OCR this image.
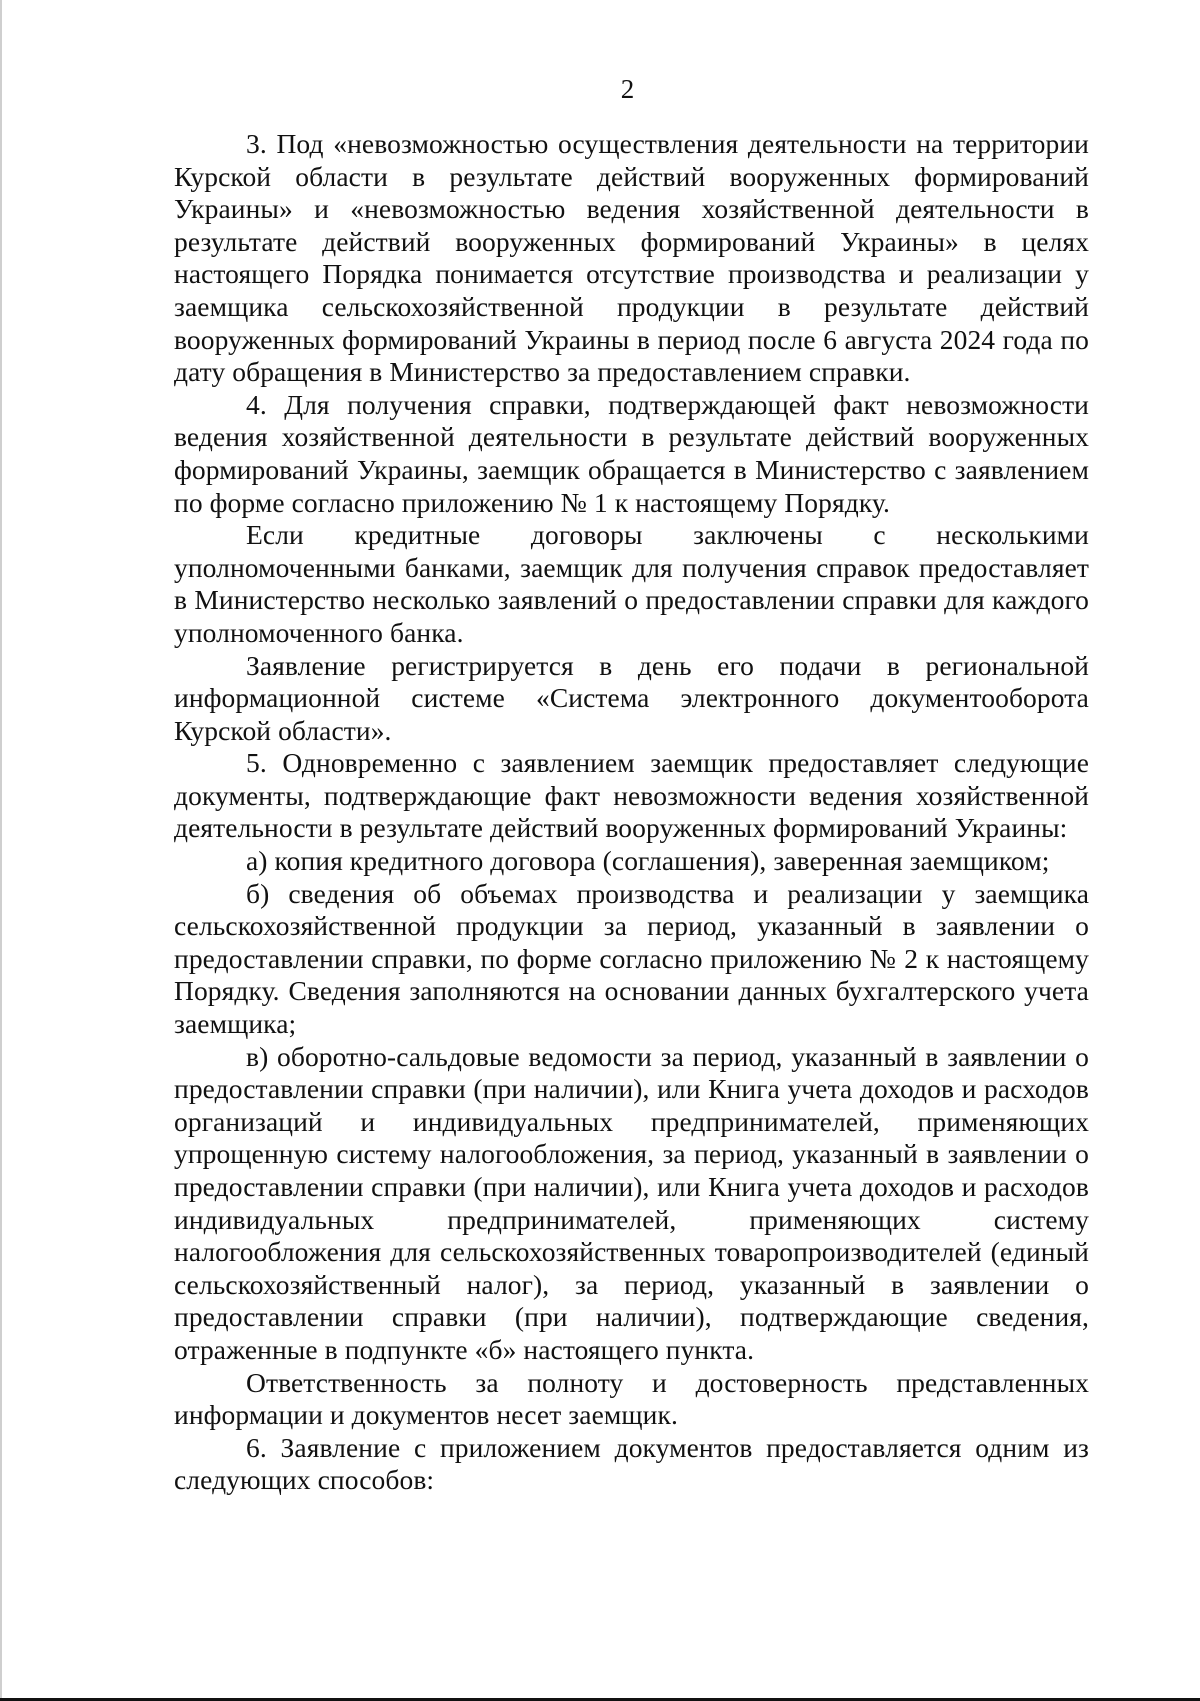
2

3. Под «невозможностью осуществления деятельности на территории Курской области в результате действий вооруженных формирований Украины» и «невозможностью ведения хозяйственной деятельности в результате действий вооруженных формирований Украины» в целях настоящего Порядка понимается отсутствие производства и реализации у заемщика сельскохозяйственной продукции в результате действий вооруженных формирований Украины в период после 6 августа 2024 года по дату обращения в Министерство за предоставлением справки.

4. Для получения справки, подтверждающей факт невозможности ведения хозяйственной деятельности в результате действий вооруженных формирований Украины, заемщик обращается в Министерство с заявлением по форме согласно приложению № 1 к настоящему Порядку.

Если кредитные договоры заключены с несколькими уполномоченными банками, заемщик для получения справок предоставляет в Министерство несколько заявлений о предоставлении справки для каждого уполномоченного банка.

Заявление регистрируется в день его подачи в региональной информационной системе «Система электронного документооборота Курской области».

5. Одновременно с заявлением заемщик предоставляет следующие документы, подтверждающие факт невозможности ведения хозяйственной деятельности в результате действий вооруженных формирований Украины:

а) копия кредитного договора (соглашения), заверенная заемщиком;

б) сведения об объемах производства и реализации у заемщика сельскохозяйственной продукции за период, указанный в заявлении о предоставлении справки, по форме согласно приложению № 2 к настоящему Порядку. Сведения заполняются на основании данных бухгалтерского учета заемщика;

в) оборотно-сальдовые ведомости за период, указанный в заявлении о предоставлении справки (при наличии), или Книга учета доходов и расходов организаций и индивидуальных предпринимателей, применяющих упрощенную систему налогообложения, за период, указанный в заявлении о предоставлении справки (при наличии), или Книга учета доходов и расходов индивидуальных предпринимателей, применяющих систему налогообложения для сельскохозяйственных товаропроизводителей (единый сельскохозяйственный налог), за период, указанный в заявлении о предоставлении справки (при наличии), подтверждающие сведения, отраженные в подпункте «б» настоящего пункта.

Ответственность за полноту и достоверность представленных информации и документов несет заемщик.

6. Заявление с приложением документов предоставляется одним из следующих способов:
